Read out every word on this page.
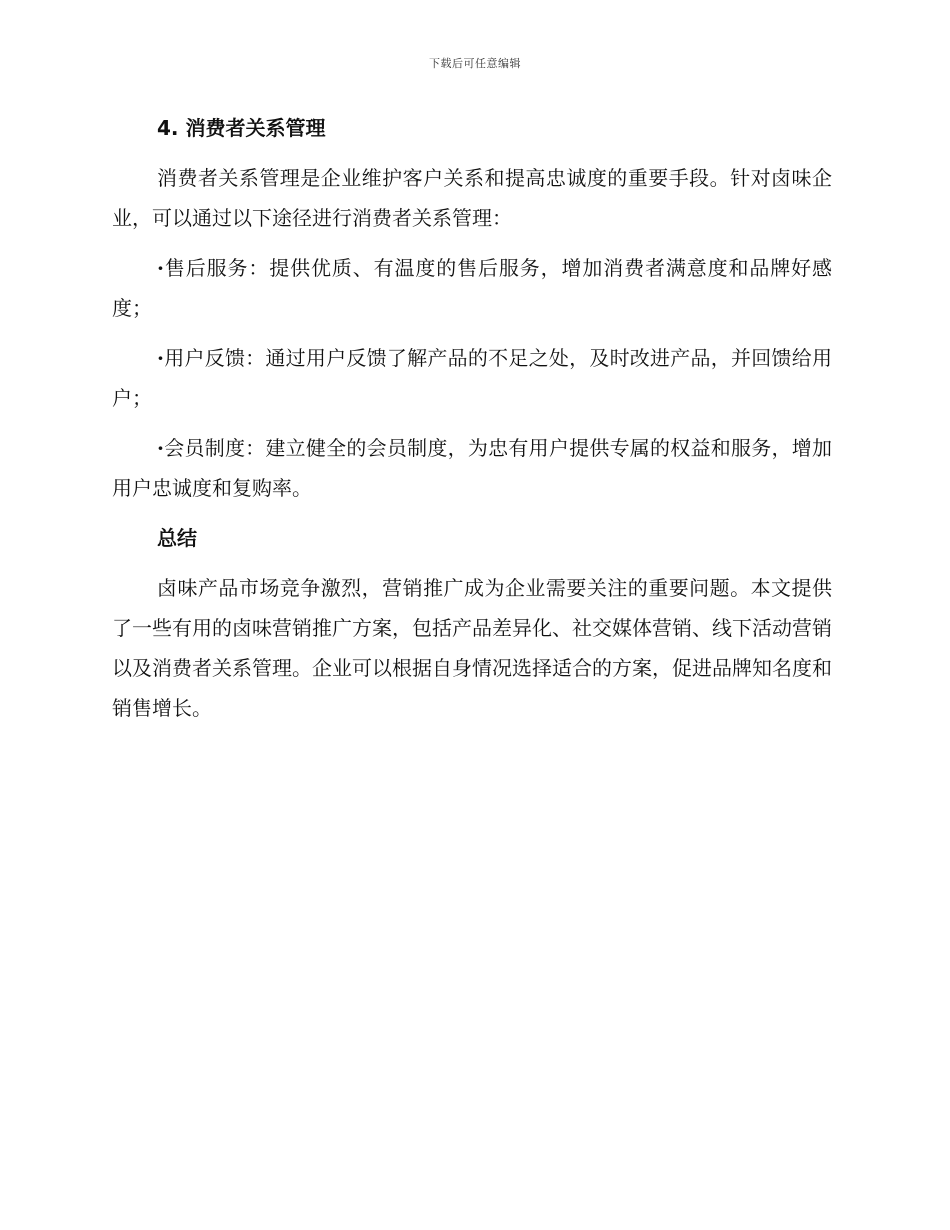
下载后可任意编辑
4. 消费者关系管理

消费者关系管理是企业维护客户关系和提高忠诚度的重要手段。针对卤味企业，可以通过以下途径进行消费者关系管理：

·售后服务：提供优质、有温度的售后服务，增加消费者满意度和品牌好感度；

·用户反馈：通过用户反馈了解产品的不足之处，及时改进产品，并回馈给用户；

·会员制度：建立健全的会员制度，为忠有用户提供专属的权益和服务，增加用户忠诚度和复购率。

总结

卤味产品市场竞争激烈，营销推广成为企业需要关注的重要问题。本文提供了一些有用的卤味营销推广方案，包括产品差异化、社交媒体营销、线下活动营销以及消费者关系管理。企业可以根据自身情况选择适合的方案，促进品牌知名度和销售增长。
